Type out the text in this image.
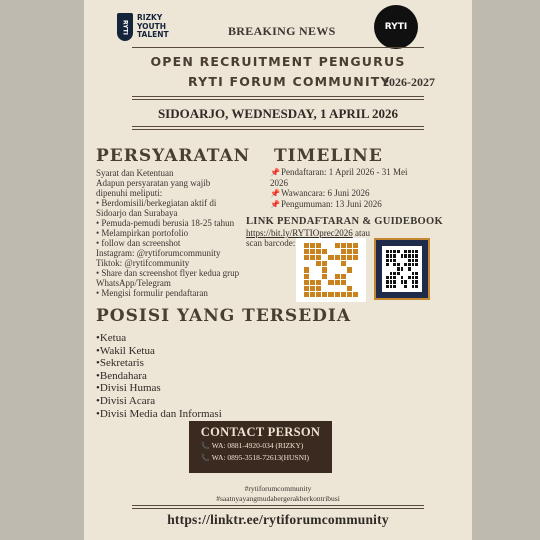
RYTI
RIZKY
YOUTH
TALENT	BREAKING NEWS	RYTI
OPEN RECRUITMENT PENGURUS
RYTI FORUM COMMUNITY
2026-2027
SIDOARJO, WEDNESDAY, 1 APRIL 2026
PERSYARATAN
Syarat dan Ketentuan
Adapun persyaratan yang wajib
dipenuhi meliputi:
• Berdomisili/berkegiatan aktif di
Sidoarjo dan Surabaya
• Pemuda-pemudi berusia 18-25 tahun
• Melampirkan portofolio
• follow dan screenshot
Instagram: @rytiforumcommunity
Tiktok: @rytifcommunity
• Share dan screenshot flyer kedua grup
WhatsApp/Telegram
• Mengisi formulir pendaftaran
TIMELINE
📌Pendaftaran: 1 April 2026 - 31 Mei
2026
📌Wawancara: 6 Juni 2026
📌Pengumuman: 13 Juni 2026
LINK PENDAFTARAN & GUIDEBOOK
https://bit.ly/RYTIOprec2026 atau
scan barcode:
POSISI YANG TERSEDIA
• Ketua
• Wakil Ketua
• Sekretaris
• Bendahara
• Divisi Humas
• Divisi Acara
• Divisi Media dan Informasi
CONTACT PERSON
📞 WA: 0881-4920-034 (RIZKY)
📞 WA: 0895-3518-72613(HUSNI)
#rytiforumcommunity
#saatnyayangmudabergerakberkontribusi
https://linktr.ee/rytiforumcommunity
